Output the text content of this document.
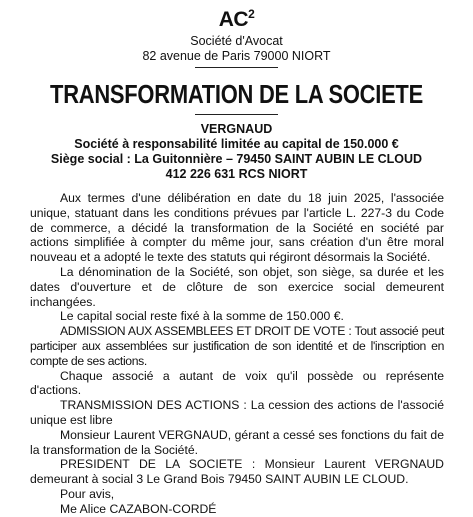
$AC^2$
Société d'Avocat
82 avenue de Paris 79000 NIORT
TRANSFORMATION DE LA SOCIETE
VERGNAUD
Société à responsabilité limitée au capital de 150.000 €
Siège social : La Guitonnière – 79450 SAINT AUBIN LE CLOUD
412 226 631 RCS NIORT

Aux termes d'une délibération en date du 18 juin 2025, l'associée unique, statuant dans les conditions prévues par l'article L. 227-3 du Code de commerce, a décidé la transformation de la Société en société par actions simplifiée à compter du même jour, sans création d'un être moral nouveau et a adopté le texte des statuts qui régiront désormais la Société.

La dénomination de la Société, son objet, son siège, sa durée et les dates d'ouverture et de clôture de son exercice social demeurent inchangées.

Le capital social reste fixé à la somme de 150.000 €.

ADMISSION AUX ASSEMBLEES ET DROIT DE VOTE : Tout associé peut participer aux assemblées sur justification de son identité et de l'inscription en compte de ses actions.

Chaque associé a autant de voix qu'il possède ou représente d'actions.

TRANSMISSION DES ACTIONS : La cession des actions de l'associé unique est libre

Monsieur Laurent VERGNAUD, gérant a cessé ses fonctions du fait de la transformation de la Société.

PRESIDENT DE LA SOCIETE : Monsieur Laurent VERGNAUD demeurant à social 3 Le Grand Bois 79450 SAINT AUBIN LE CLOUD.

Pour avis,

Me Alice CAZABON-CORDÉ
